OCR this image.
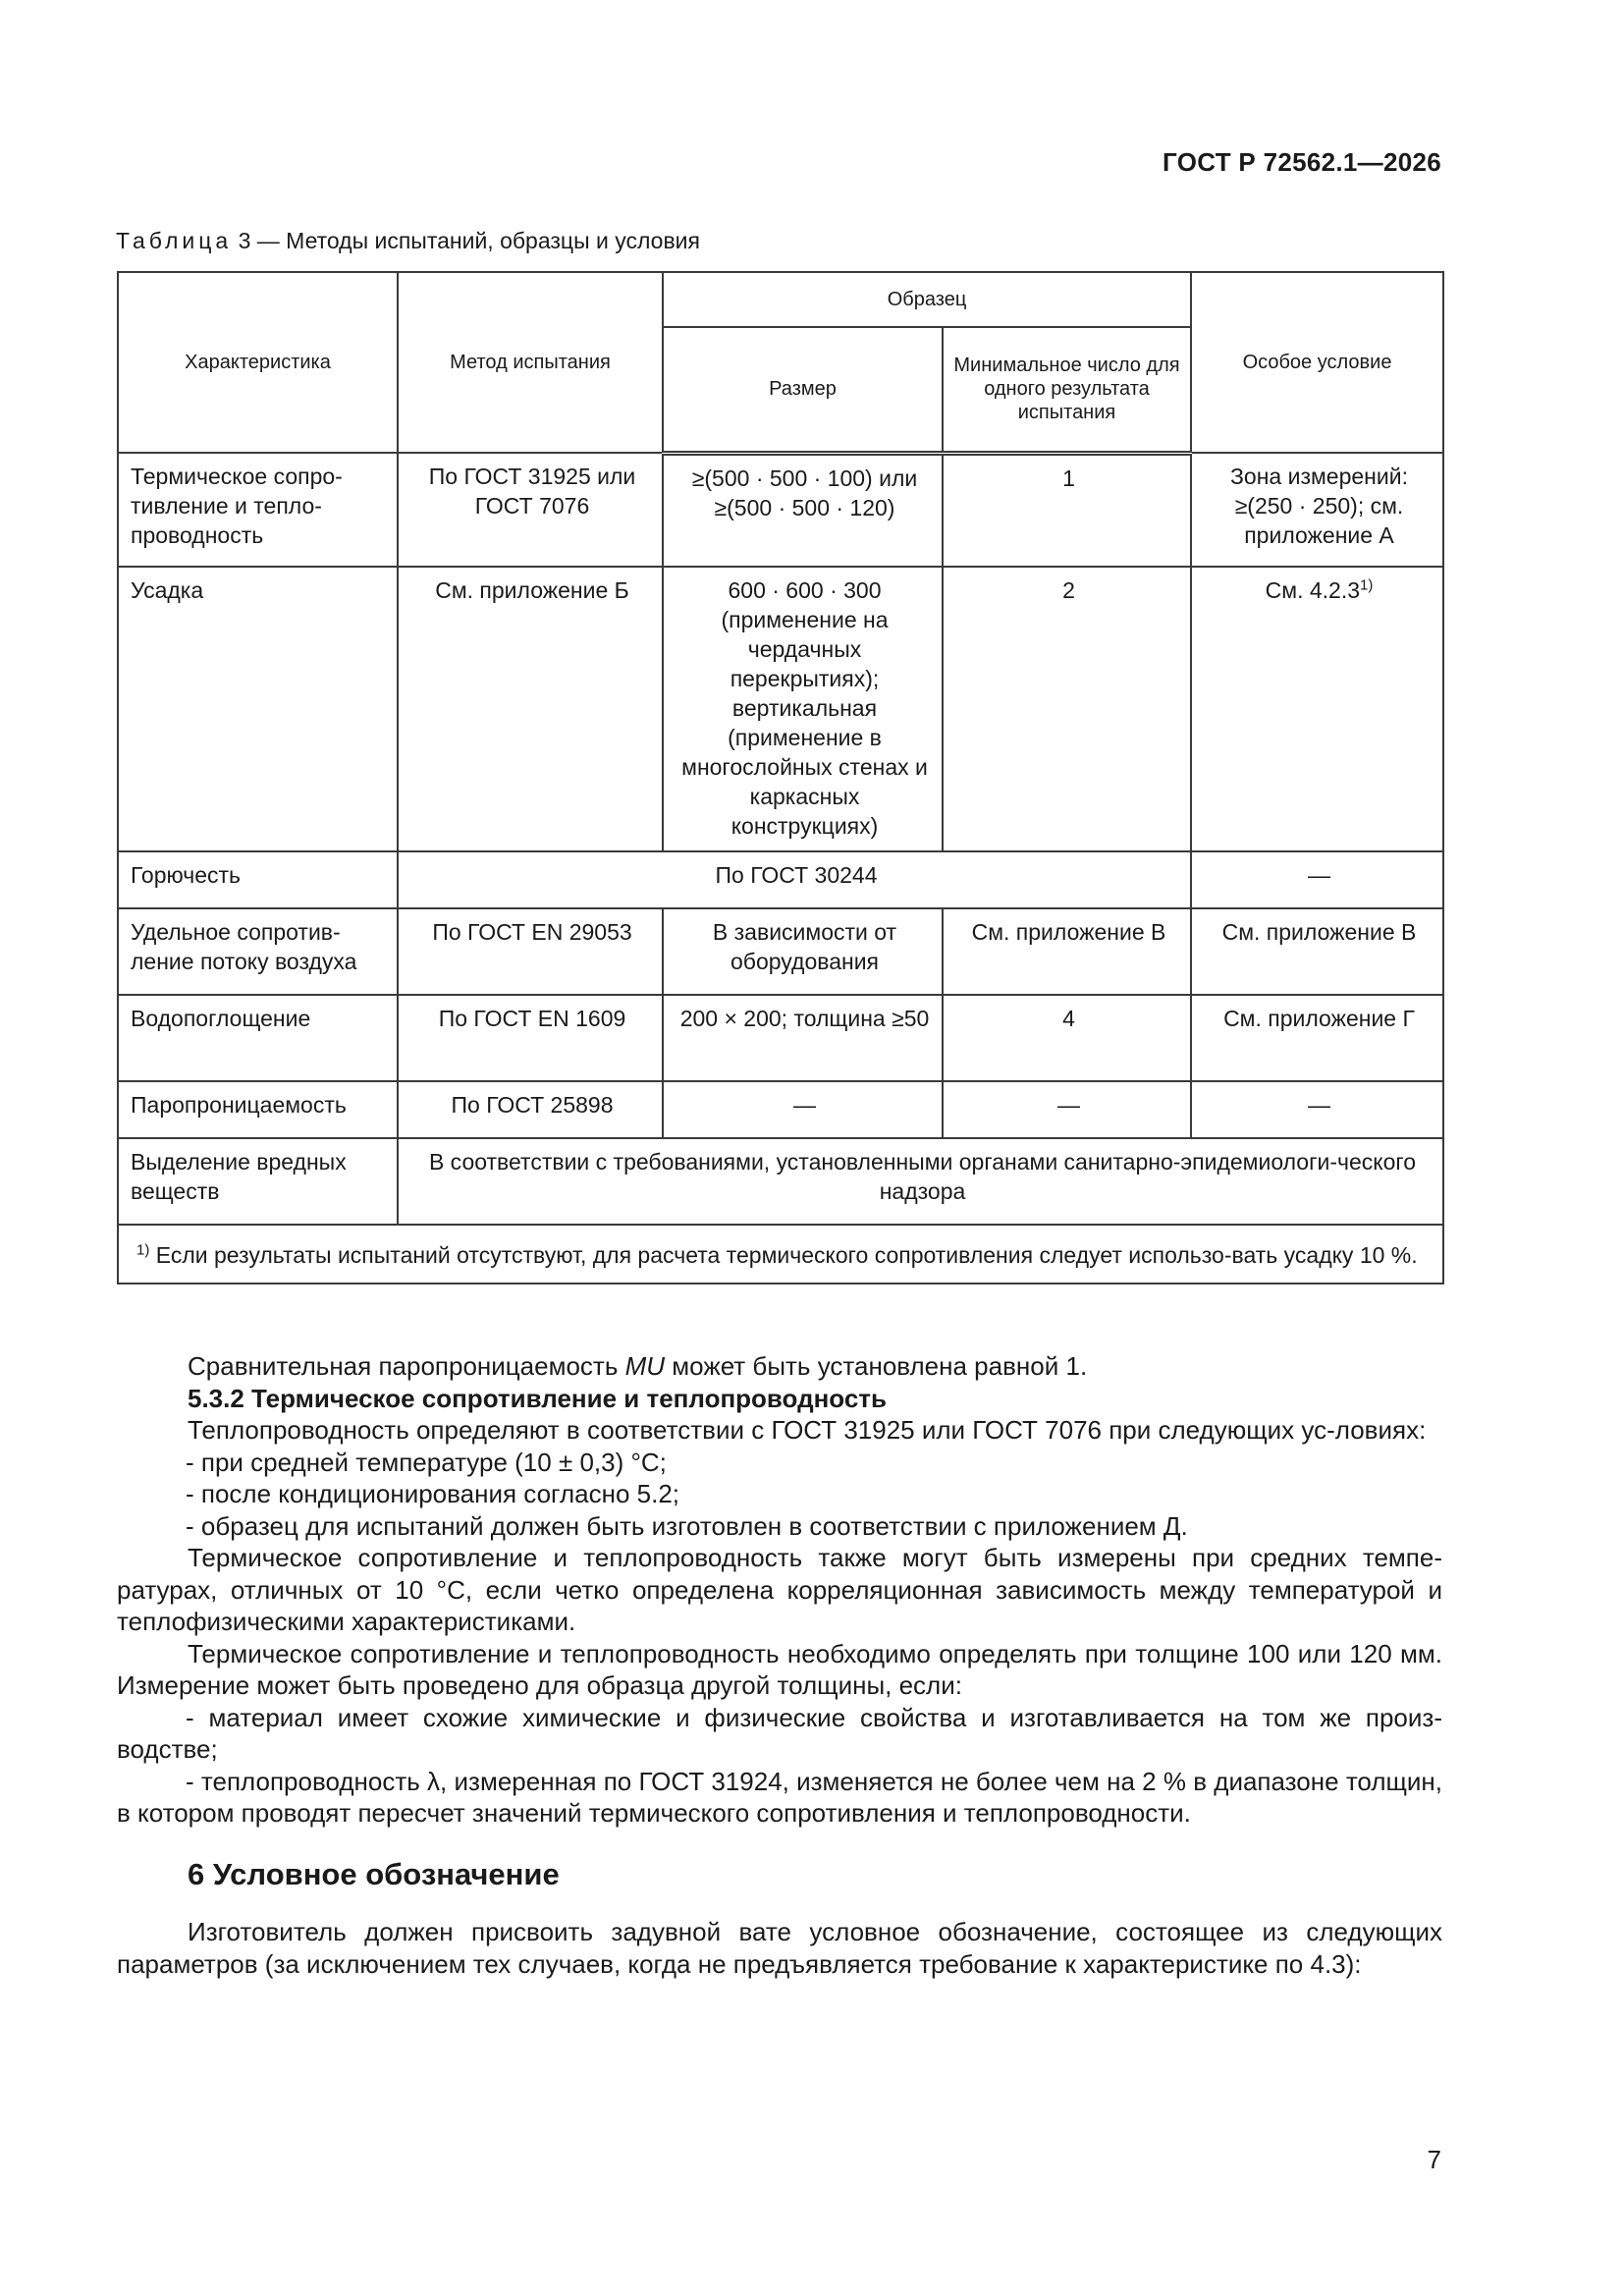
ГОСТ Р 72562.1—2026
Таблица 3 — Методы испытаний, образцы и условия
Характеристика	Метод испытания	Образец		Особое условие
		Размер	Минимальное число для одного результата испытания	
Термическое сопро-тивление и тепло-проводность	По ГОСТ 31925 или ГОСТ 7076	≥(500 · 500 · 100) или ≥(500 · 500 · 120)	1	Зона измерений: ≥(250 · 250); см. приложение А
Усадка	См. приложение Б	600 · 600 · 300 (применение на чердачных перекрытиях); вертикальная (применение в многослойных стенах и каркасных конструкциях)	2	См. 4.2.3$^{1)}$
Горючесть	По ГОСТ 30244			—
Удельное сопротив-ление потоку воздуха	По ГОСТ EN 29053	В зависимости от оборудования	См. приложение В	См. приложение В
Водопоглощение	По ГОСТ EN 1609	200 × 200; толщина ≥50	4	См. приложение Г
Паропроницаемость	По ГОСТ 25898	—	—	—
Выделение вредных веществ	В соответствии с требованиями, установленными органами санитарно-эпидемиологи-ческого надзора			
$^{1)}$ Если результаты испытаний отсутствуют, для расчета термического сопротивления следует использо-вать усадку 10 %.				

Сравнительная паропроницаемость MU может быть установлена равной 1.

5.3.2 Термическое сопротивление и теплопроводность

Теплопроводность определяют в соответствии с ГОСТ 31925 или ГОСТ 7076 при следующих ус-ловиях:

- при средней температуре (10 ± 0,3) °С;

- после кондиционирования согласно 5.2;

- образец для испытаний должен быть изготовлен в соответствии с приложением Д.

Термическое сопротивление и теплопроводность также могут быть измерены при средних темпе-ратурах, отличных от 10 °С, если четко определена корреляционная зависимость между температурой и теплофизическими характеристиками.

Термическое сопротивление и теплопроводность необходимо определять при толщине 100 или 120 мм. Измерение может быть проведено для образца другой толщины, если:

- материал имеет схожие химические и физические свойства и изготавливается на том же произ-водстве;

- теплопроводность λ, измеренная по ГОСТ 31924, изменяется не более чем на 2 % в диапазоне толщин, в котором проводят пересчет значений термического сопротивления и теплопроводности.

6 Условное обозначение

Изготовитель должен присвоить задувной вате условное обозначение, состоящее из следующих параметров (за исключением тех случаев, когда не предъявляется требование к характеристике по 4.3):

7
